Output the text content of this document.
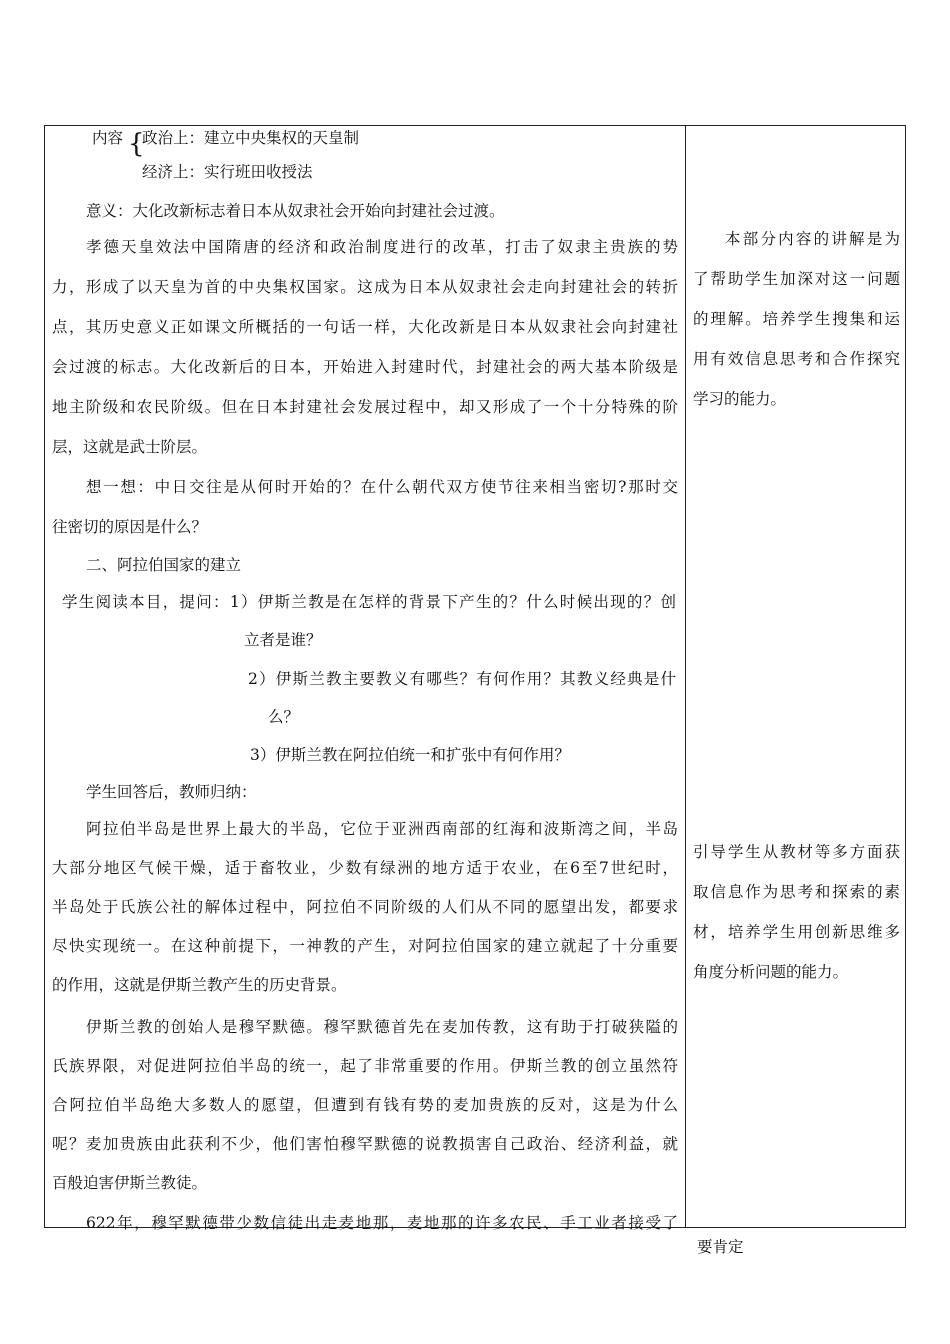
内容 {
政治上：建立中央集权的天皇制
经济上：实行班田收授法
意义：大化改新标志着日本从奴隶社会开始向封建社会过渡。
孝德天皇效法中国隋唐的经济和政治制度进行的改革，打击了奴隶主贵族的势
力，形成了以天皇为首的中央集权国家。这成为日本从奴隶社会走向封建社会的转折
点，其历史意义正如课文所概括的一句话一样，大化改新是日本从奴隶社会向封建社
会过渡的标志。大化改新后的日本，开始进入封建时代，封建社会的两大基本阶级是
地主阶级和农民阶级。但在日本封建社会发展过程中，却又形成了一个十分特殊的阶
层，这就是武士阶层。
想一想：中日交往是从何时开始的？在什么朝代双方使节往来相当密切?那时交
往密切的原因是什么？
二、阿拉伯国家的建立
学生阅读本目，提问：1）伊斯兰教是在怎样的背景下产生的？什么时候出现的？创
立者是谁？
2）伊斯兰教主要教义有哪些？有何作用？其教义经典是什
么？
3）伊斯兰教在阿拉伯统一和扩张中有何作用？
学生回答后，教师归纳：
阿拉伯半岛是世界上最大的半岛，它位于亚洲西南部的红海和波斯湾之间，半岛
大部分地区气候干燥，适于畜牧业，少数有绿洲的地方适于农业，在6至7世纪时，
半岛处于氏族公社的解体过程中，阿拉伯不同阶级的人们从不同的愿望出发，都要求
尽快实现统一。在这种前提下，一神教的产生，对阿拉伯国家的建立就起了十分重要
的作用，这就是伊斯兰教产生的历史背景。
伊斯兰教的创始人是穆罕默德。穆罕默德首先在麦加传教，这有助于打破狭隘的
氏族界限，对促进阿拉伯半岛的统一，起了非常重要的作用。伊斯兰教的创立虽然符
合阿拉伯半岛绝大多数人的愿望，但遭到有钱有势的麦加贵族的反对，这是为什么
呢？麦加贵族由此获利不少，他们害怕穆罕默德的说教损害自己政治、经济利益，就
百般迫害伊斯兰教徒。
622年，穆罕默德带少数信徒出走麦地那，麦地那的许多农民、手工业者接受了
本部分内容的讲解是为
了帮助学生加深对这一问题
的理解。培养学生搜集和运
用有效信息思考和合作探究
学习的能力。
引导学生从教材等多方面获
取信息作为思考和探索的素
材，培养学生用创新思维多
角度分析问题的能力。
要肯定
